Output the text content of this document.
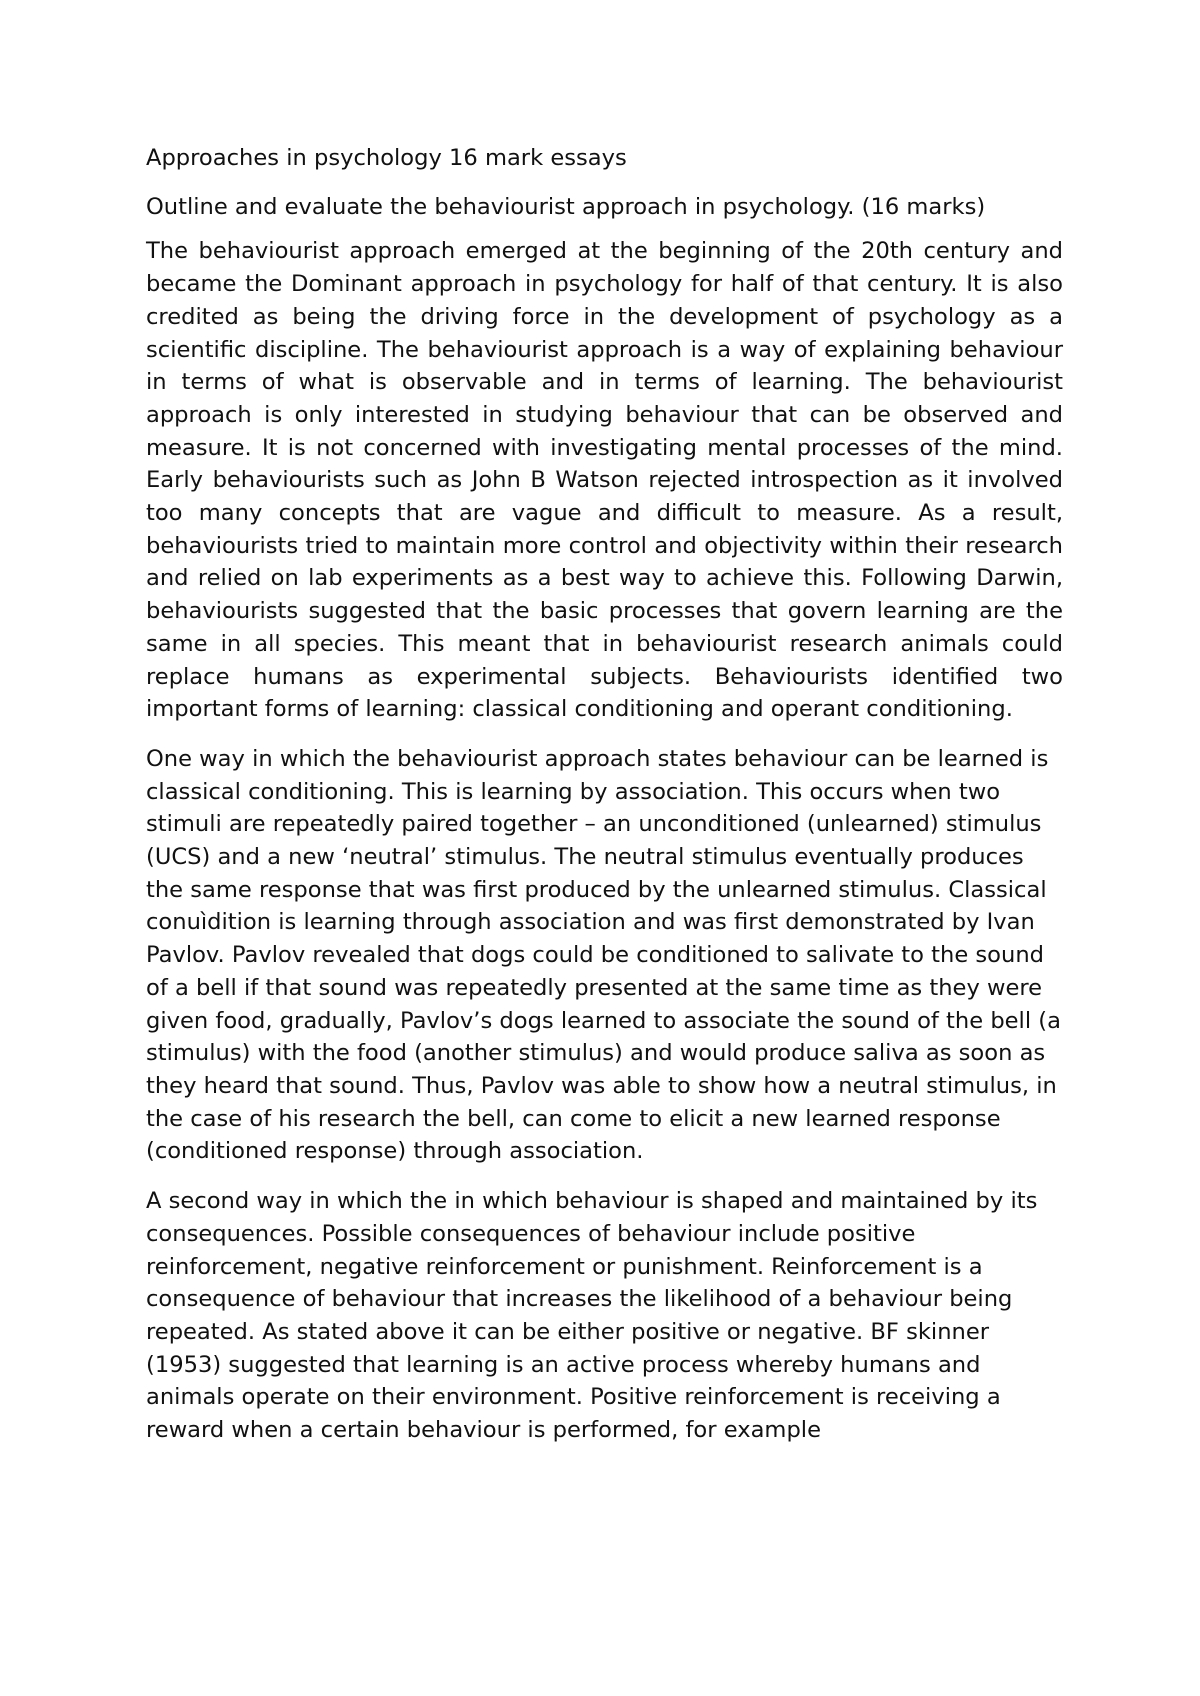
Approaches in psychology 16 mark essays
Outline and evaluate the behaviourist approach in psychology. (16 marks)

The behaviourist approach emerged at the beginning of the 20th century and became the Dominant approach in psychology for half of that century. It is also credited as being the driving force in the development of psychology as a scientific discipline. The behaviourist approach is a way of explaining behaviour in terms of what is observable and in terms of learning. The behaviourist approach is only interested in studying behaviour that can be observed and measure. It is not concerned with investigating mental processes of the mind. Early behaviourists such as John B Watson rejected introspection as it involved too many concepts that are vague and difficult to measure. As a result, behaviourists tried to maintain more control and objectivity within their research and relied on lab experiments as a best way to achieve this. Following Darwin, behaviourists suggested that the basic processes that govern learning are the same in all species. This meant that in behaviourist research animals could replace humans as experimental subjects. Behaviourists identified two important forms of learning: classical conditioning and operant conditioning.

One way in which the behaviourist approach states behaviour can be learned is classical conditioning. This is learning by association. This occurs when two stimuli are repeatedly paired together – an unconditioned (unlearned) stimulus (UCS) and a new ‘neutral’ stimulus. The neutral stimulus eventually produces the same response that was first produced by the unlearned stimulus. Classical conuìdition is learning through association and was first demonstrated by Ivan Pavlov. Pavlov revealed that dogs could be conditioned to salivate to the sound of a bell if that sound was repeatedly presented at the same time as they were given food, gradually, Pavlov’s dogs learned to associate the sound of the bell (a stimulus) with the food (another stimulus) and would produce saliva as soon as they heard that sound. Thus, Pavlov was able to show how a neutral stimulus, in the case of his research the bell, can come to elicit a new learned response (conditioned response) through association.

A second way in which the in which behaviour is shaped and maintained by its consequences. Possible consequences of behaviour include positive reinforcement, negative reinforcement or punishment. Reinforcement is a consequence of behaviour that increases the likelihood of a behaviour being repeated. As stated above it can be either positive or negative. BF skinner (1953) suggested that learning is an active process whereby humans and animals operate on their environment. Positive reinforcement is receiving a reward when a certain behaviour is performed, for example
